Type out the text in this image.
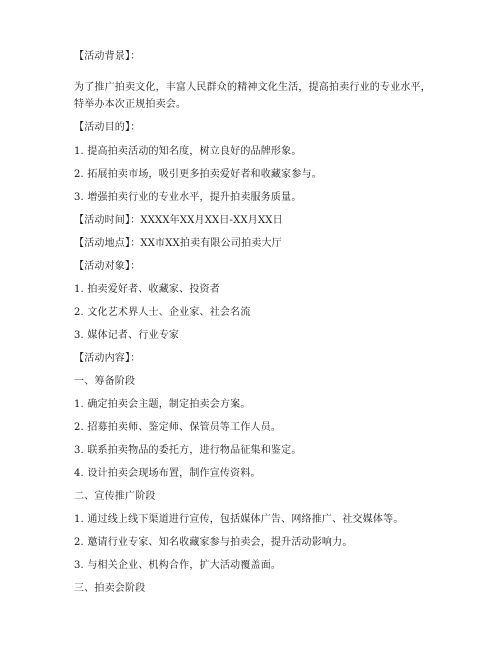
【活动背景】：
为了推广拍卖文化，丰富人民群众的精神文化生活，提高拍卖行业的专业水平，特举办本次正规拍卖会。
【活动目的】：
1. 提高拍卖活动的知名度，树立良好的品牌形象。
2. 拓展拍卖市场，吸引更多拍卖爱好者和收藏家参与。
3. 增强拍卖行业的专业水平，提升拍卖服务质量。
【活动时间】：XXXX年XX月XX日-XX月XX日
【活动地点】：XX市XX拍卖有限公司拍卖大厅
【活动对象】：
1. 拍卖爱好者、收藏家、投资者
2. 文化艺术界人士、企业家、社会名流
3. 媒体记者、行业专家
【活动内容】：
一、筹备阶段
1. 确定拍卖会主题，制定拍卖会方案。
2. 招募拍卖师、鉴定师、保管员等工作人员。
3. 联系拍卖物品的委托方，进行物品征集和鉴定。
4. 设计拍卖会现场布置，制作宣传资料。
二、宣传推广阶段
1. 通过线上线下渠道进行宣传，包括媒体广告、网络推广、社交媒体等。
2. 邀请行业专家、知名收藏家参与拍卖会，提升活动影响力。
3. 与相关企业、机构合作，扩大活动覆盖面。
三、拍卖会阶段
